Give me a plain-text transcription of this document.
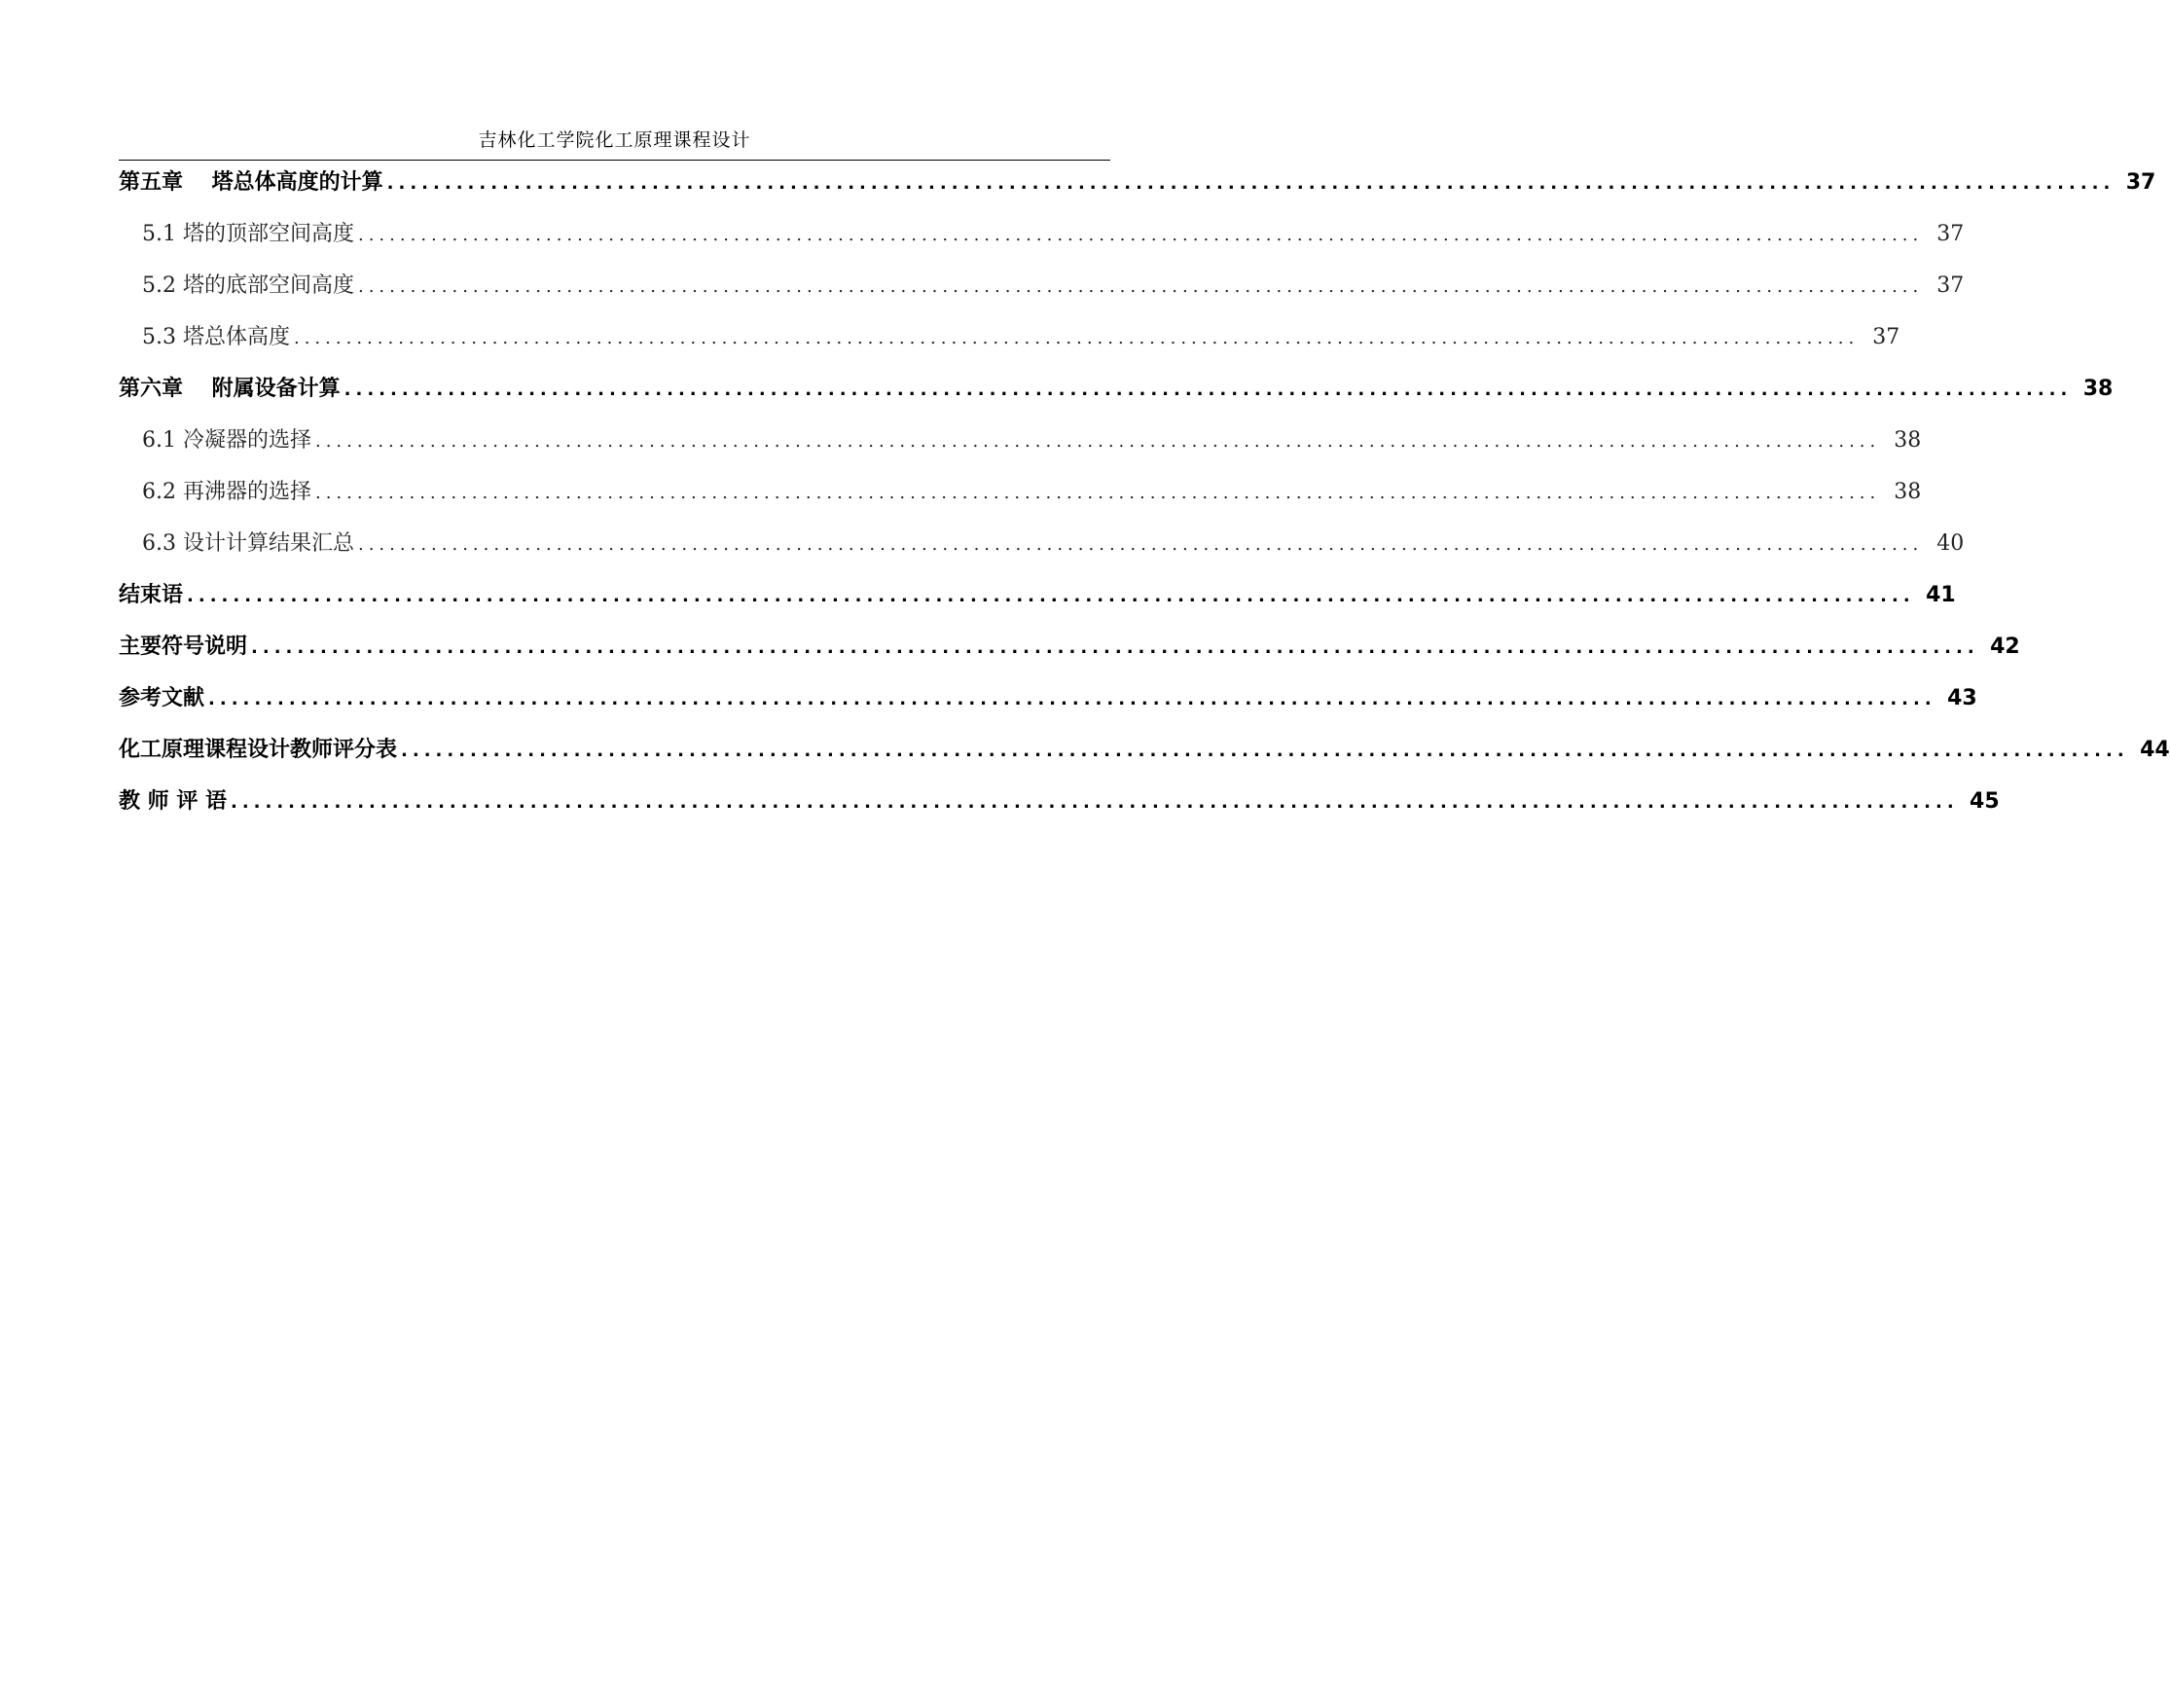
吉林化工学院化工原理课程设计
第五章　 塔总体高度的计算 ...................................................................................................................................................... 37
5.1 塔的顶部空间高度 ...................................................................................................................................................... 37
5.2 塔的底部空间高度 ...................................................................................................................................................... 37
5.3 塔总体高度 ...................................................................................................................................................... 37
第六章　 附属设备计算 ...................................................................................................................................................... 38
6.1 冷凝器的选择 ...................................................................................................................................................... 38
6.2 再沸器的选择 ...................................................................................................................................................... 38
6.3 设计计算结果汇总 ...................................................................................................................................................... 40
结束语 ...................................................................................................................................................... 41
主要符号说明 ...................................................................................................................................................... 42
参考文献 ...................................................................................................................................................... 43
化工原理课程设计教师评分表 ...................................................................................................................................................... 44
教 师 评 语 ...................................................................................................................................................... 45
